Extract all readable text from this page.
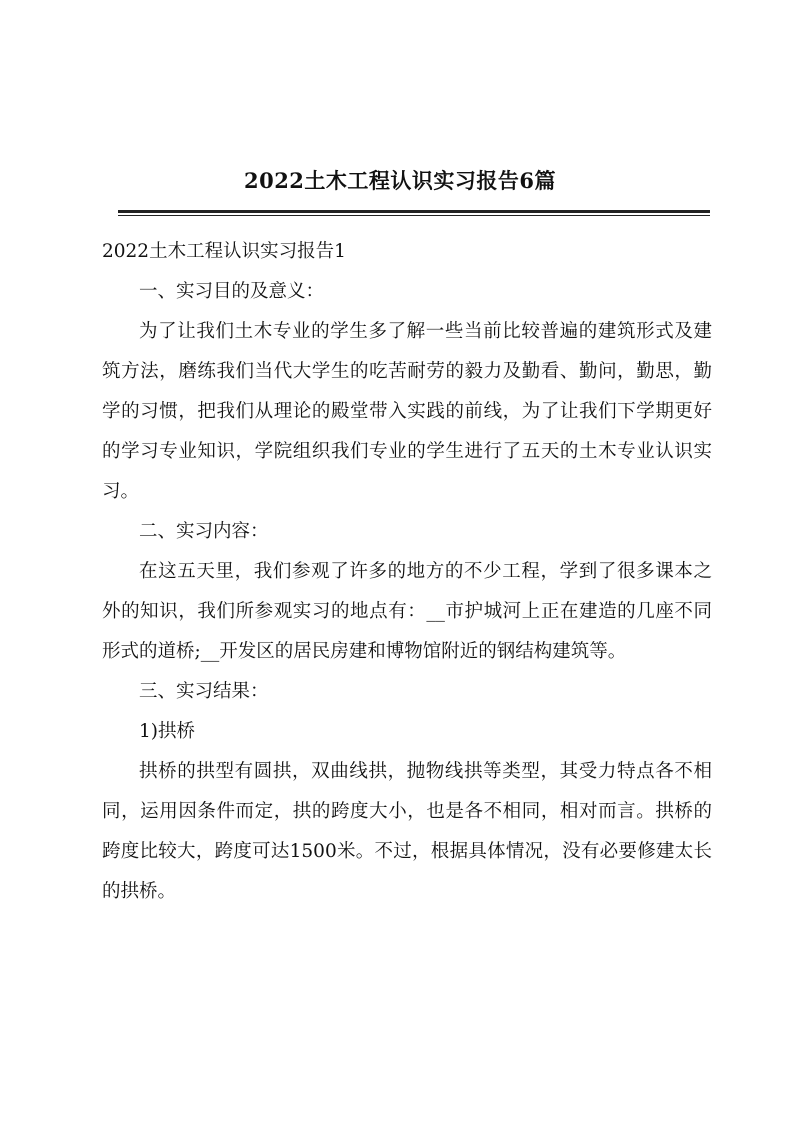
2022土木工程认识实习报告6篇

2022土木工程认识实习报告1

一、实习目的及意义：

为了让我们土木专业的学生多了解一些当前比较普遍的建筑形式及建筑方法，磨练我们当代大学生的吃苦耐劳的毅力及勤看、勤问，勤思，勤学的习惯，把我们从理论的殿堂带入实践的前线，为了让我们下学期更好的学习专业知识，学院组织我们专业的学生进行了五天的土木专业认识实习。

二、实习内容：

在这五天里，我们参观了许多的地方的不少工程，学到了很多课本之外的知识，我们所参观实习的地点有：__市护城河上正在建造的几座不同形式的道桥;__开发区的居民房建和博物馆附近的钢结构建筑等。

三、实习结果：

1)拱桥

拱桥的拱型有圆拱，双曲线拱，抛物线拱等类型，其受力特点各不相同，运用因条件而定，拱的跨度大小，也是各不相同，相对而言。拱桥的跨度比较大，跨度可达1500米。不过，根据具体情况，没有必要修建太长的拱桥。
